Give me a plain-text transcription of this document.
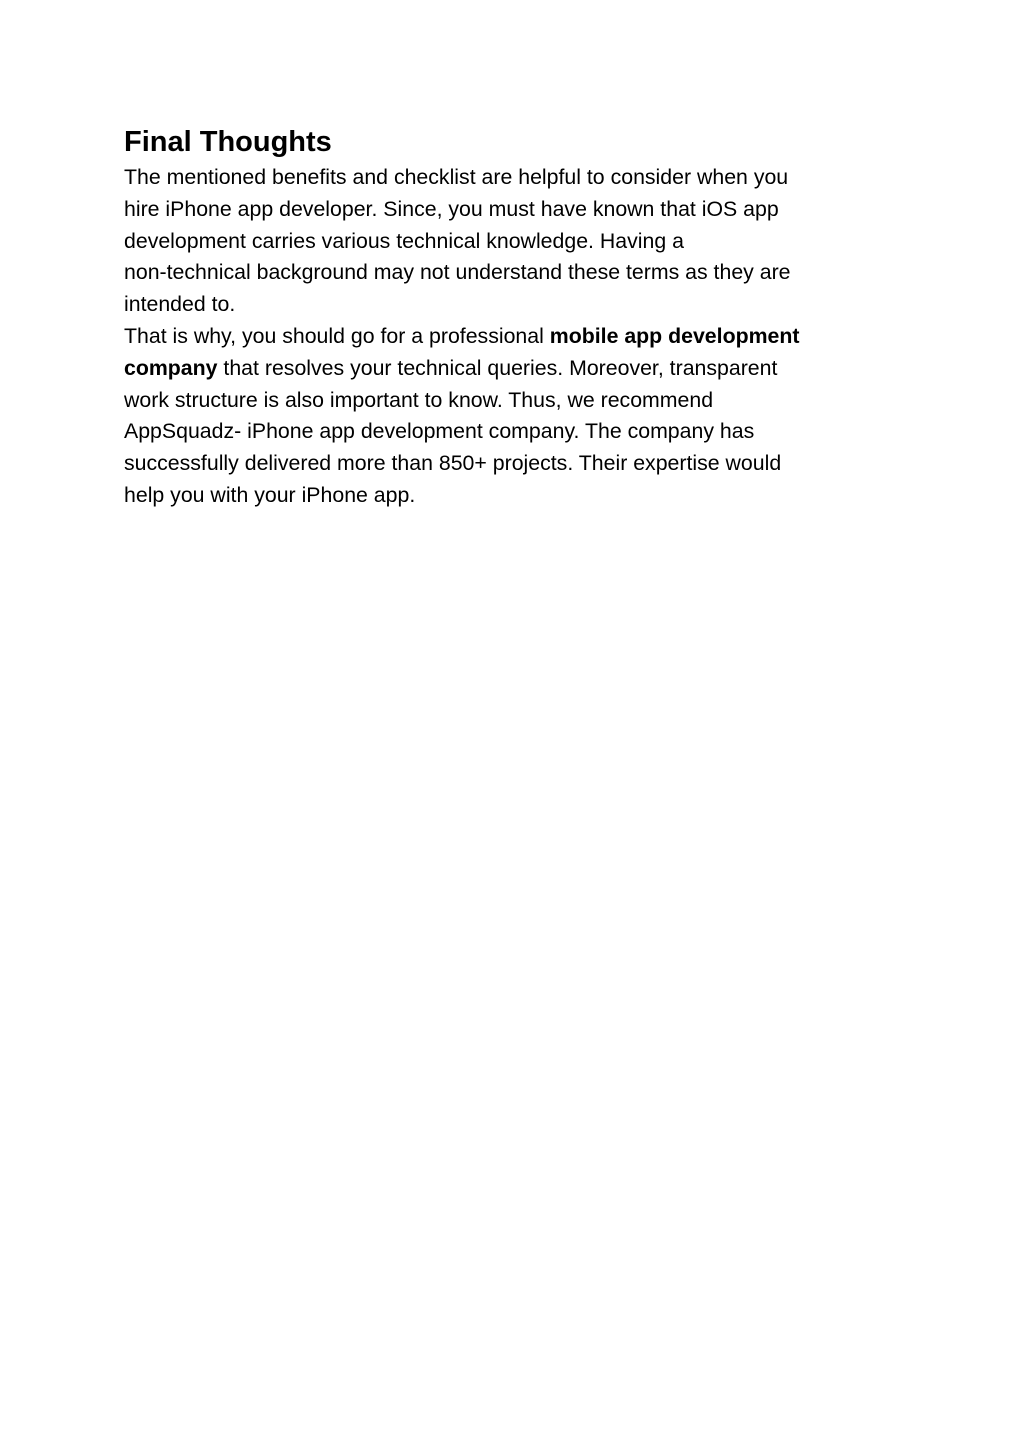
Final Thoughts
The mentioned benefits and checklist are helpful to consider when you
hire iPhone app developer. Since, you must have known that iOS app
development carries various technical knowledge. Having a
non-technical background may not understand these terms as they are
intended to.
That is why, you should go for a professional mobile app development
company that resolves your technical queries. Moreover, transparent
work structure is also important to know. Thus, we recommend
AppSquadz- iPhone app development company. The company has
successfully delivered more than 850+ projects. Their expertise would
help you with your iPhone app.
